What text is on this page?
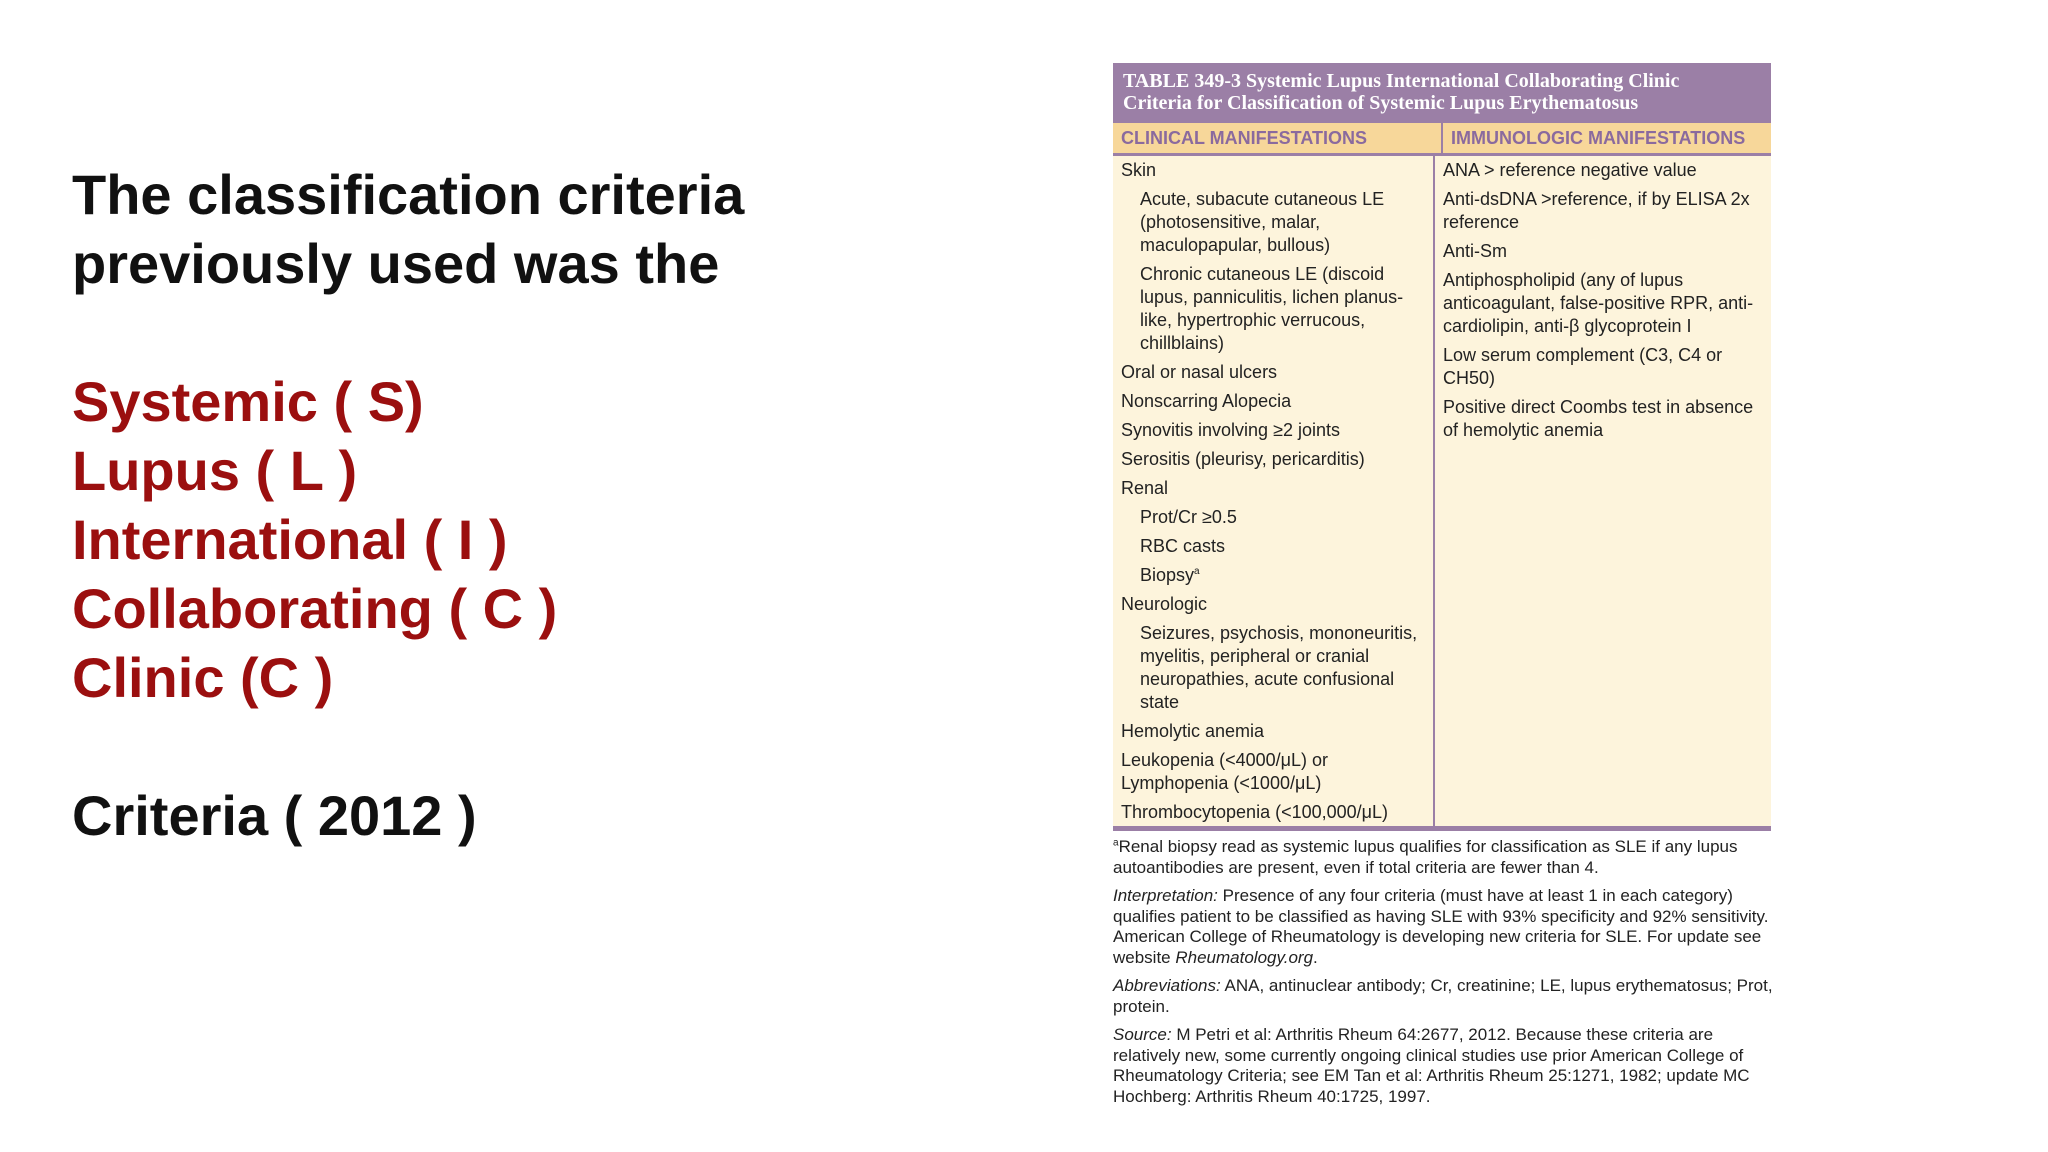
The classification criteria
previously used was the
Systemic ( S)
Lupus ( L )
International ( I )
Collaborating ( C )
Clinic (C )
Criteria ( 2012 )
TABLE 349-3 Systemic Lupus International Collaborating Clinic
Criteria for Classification of Systemic Lupus Erythematosus
CLINICAL MANIFESTATIONS	IMMUNOLOGIC MANIFESTATIONS
Skin
Acute, subacute cutaneous LE (photosensitive, malar, maculopapular, bullous)
Chronic cutaneous LE (discoid lupus, panniculitis, lichen planus-like, hypertrophic verrucous, chillblains)
Oral or nasal ulcers
Nonscarring Alopecia
Synovitis involving ≥2 joints
Serositis (pleurisy, pericarditis)
Renal
Prot/Cr ≥0.5
RBC casts
Biopsy$^a$
Neurologic
Seizures, psychosis, mononeuritis, myelitis, peripheral or cranial neuropathies, acute confusional state
Hemolytic anemia
Leukopenia (<4000/μL) or Lymphopenia (<1000/μL)
Thrombocytopenia (<100,000/μL)
ANA > reference negative value
Anti-dsDNA >reference, if by ELISA 2x reference
Anti-Sm
Antiphospholipid (any of lupus anticoagulant, false-positive RPR, anti-cardiolipin, anti-β glycoprotein I
Low serum complement (C3, C4 or CH50)
Positive direct Coombs test in absence of hemolytic anemia

$^a$Renal biopsy read as systemic lupus qualifies for classification as SLE if any lupus autoantibodies are present, even if total criteria are fewer than 4.

Interpretation: Presence of any four criteria (must have at least 1 in each category) qualifies patient to be classified as having SLE with 93% specificity and 92% sensitivity. American College of Rheumatology is developing new criteria for SLE. For update see website Rheumatology.org.

Abbreviations: ANA, antinuclear antibody; Cr, creatinine; LE, lupus erythematosus; Prot, protein.

Source: M Petri et al: Arthritis Rheum 64:2677, 2012. Because these criteria are relatively new, some currently ongoing clinical studies use prior American College of Rheumatology Criteria; see EM Tan et al: Arthritis Rheum 25:1271, 1982; update MC Hochberg: Arthritis Rheum 40:1725, 1997.
